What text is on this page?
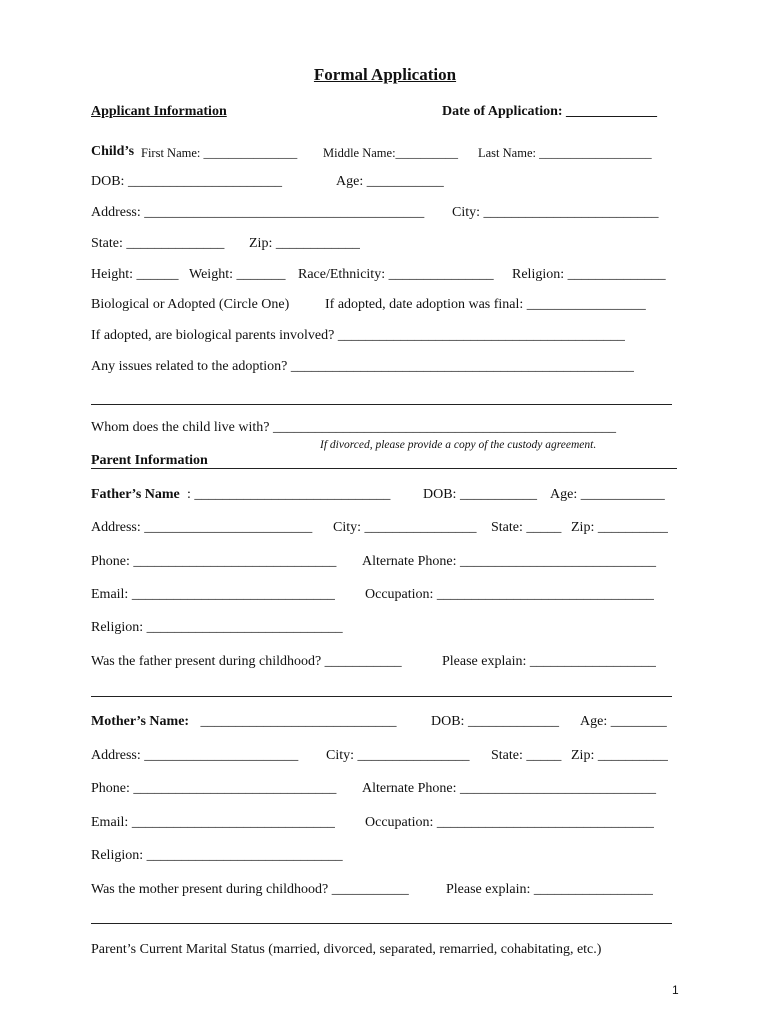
Formal Application
Applicant Information	Date of Application: _____________
Child’s First Name: _______________ Middle Name:__________ Last Name: __________________
DOB: ______________________	Age: ___________
Address: ________________________________________ City: _________________________
State: ______________ Zip: ____________
Height: ______ Weight: _______ Race/Ethnicity: _______________ Religion: ______________
Biological or Adopted (Circle One)	If adopted, date adoption was final: _________________
If adopted, are biological parents involved? _________________________________________
Any issues related to the adoption? _________________________________________________
Whom does the child live with? _________________________________________________
If divorced, please provide a copy of the custody agreement.
Parent Information
Father’s Name : ____________________________ DOB: ___________ Age: ____________
Address: ________________________ City: ________________ State: _____ Zip: __________
Phone: _____________________________ Alternate Phone: ____________________________
Email: _____________________________ Occupation: _______________________________
Religion: ____________________________
Was the father present during childhood? ___________	Please explain: __________________
Mother’s Name: ____________________________ DOB: _____________ Age: ________
Address: ______________________ City: ________________ State: _____ Zip: __________
Phone: _____________________________ Alternate Phone: ____________________________
Email: _____________________________ Occupation: _______________________________
Religion: ____________________________
Was the mother present during childhood? ___________	Please explain: _________________
Parent’s Current Marital Status (married, divorced, separated, remarried, cohabitating, etc.)
1
